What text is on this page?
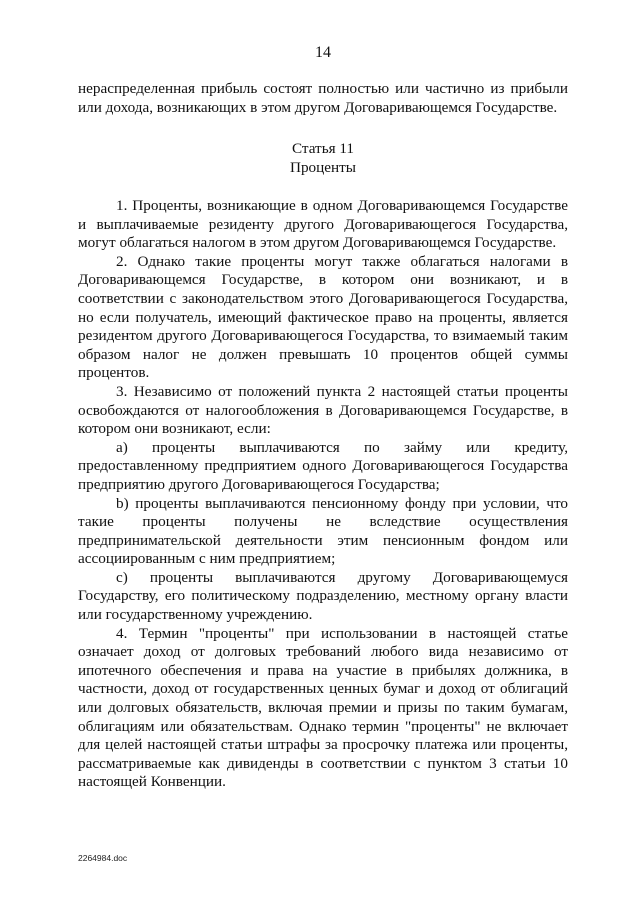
14

нераспределенная прибыль состоят полностью или частично из прибыли или дохода, возникающих в этом другом Договаривающемся Государстве.

Статья 11
Проценты

1. Проценты, возникающие в одном Договаривающемся Государстве и выплачиваемые резиденту другого Договаривающегося Государства, могут облагаться налогом в этом другом Договаривающемся Государстве.

2. Однако такие проценты могут также облагаться налогами в Договаривающемся Государстве, в котором они возникают, и в соответствии с законодательством этого Договаривающегося Государства, но если получатель, имеющий фактическое право на проценты, является резидентом другого Договаривающегося Государства, то взимаемый таким образом налог не должен превышать 10 процентов общей суммы процентов.

3. Независимо от положений пункта 2 настоящей статьи проценты освобождаются от налогообложения в Договаривающемся Государстве, в котором они возникают, если:

a) проценты выплачиваются по займу или кредиту, предоставленному предприятием одного Договаривающегося Государства предприятию другого Договаривающегося Государства;

b) проценты выплачиваются пенсионному фонду при условии, что такие проценты получены не вследствие осуществления предпринимательской деятельности этим пенсионным фондом или ассоциированным с ним предприятием;

c) проценты выплачиваются другому Договаривающемуся Государству, его политическому подразделению, местному органу власти или государственному учреждению.

4. Термин "проценты" при использовании в настоящей статье означает доход от долговых требований любого вида независимо от ипотечного обеспечения и права на участие в прибылях должника, в частности, доход от государственных ценных бумаг и доход от облигаций или долговых обязательств, включая премии и призы по таким бумагам, облигациям или обязательствам. Однако термин "проценты" не включает для целей настоящей статьи штрафы за просрочку платежа или проценты, рассматриваемые как дивиденды в соответствии с пунктом 3 статьи 10 настоящей Конвенции.

2264984.doc
